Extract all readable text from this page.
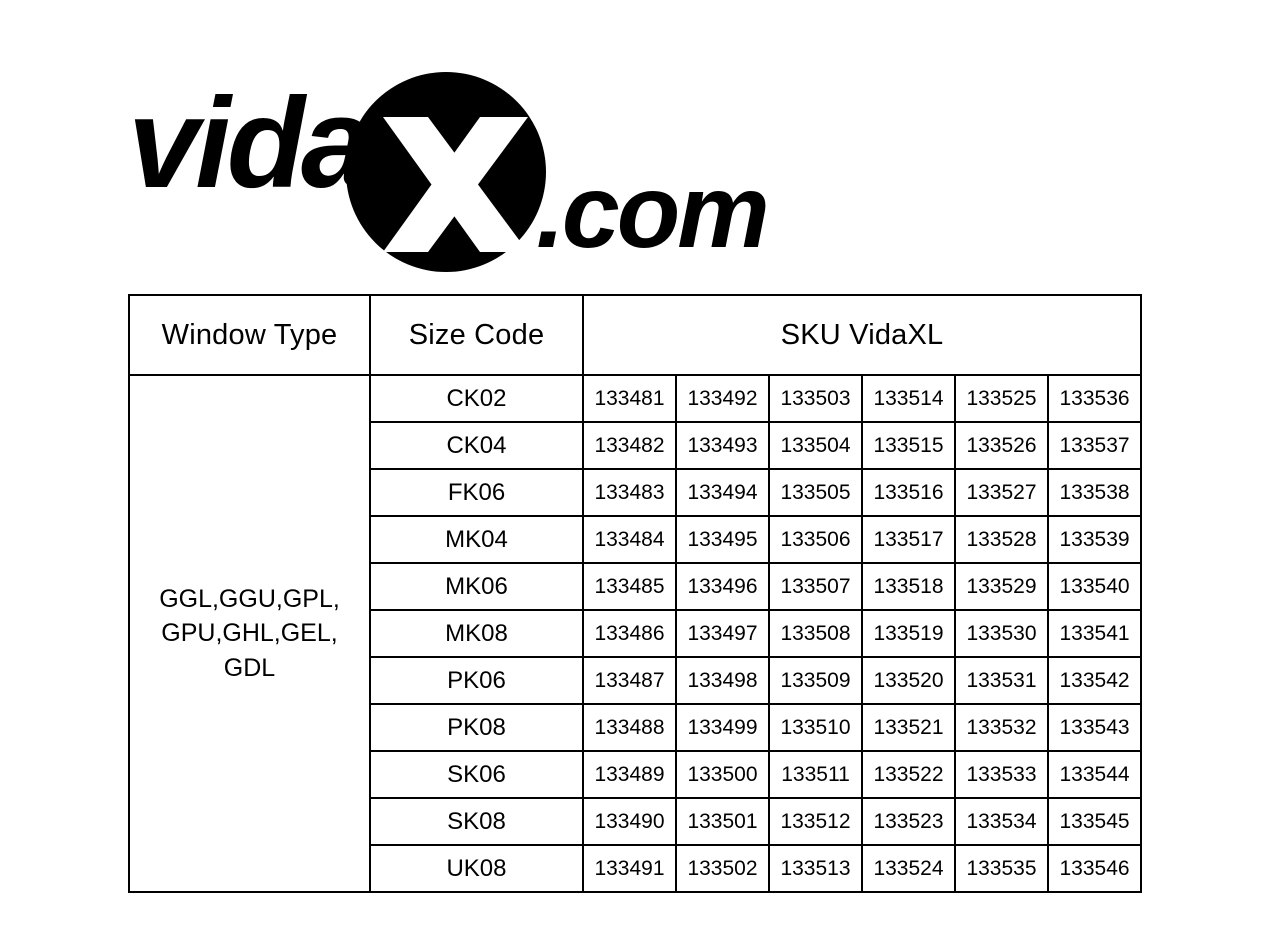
vida .com
Window Type	Size Code	SKU VidaXL					
GGL,GGU,GPL,
GPU,GHL,GEL,
GDL	CK02	133481	133492	133503	133514	133525	133536
	CK04	133482	133493	133504	133515	133526	133537
	FK06	133483	133494	133505	133516	133527	133538
	MK04	133484	133495	133506	133517	133528	133539
	MK06	133485	133496	133507	133518	133529	133540
	MK08	133486	133497	133508	133519	133530	133541
	PK06	133487	133498	133509	133520	133531	133542
	PK08	133488	133499	133510	133521	133532	133543
	SK06	133489	133500	133511	133522	133533	133544
	SK08	133490	133501	133512	133523	133534	133545
	UK08	133491	133502	133513	133524	133535	133546
